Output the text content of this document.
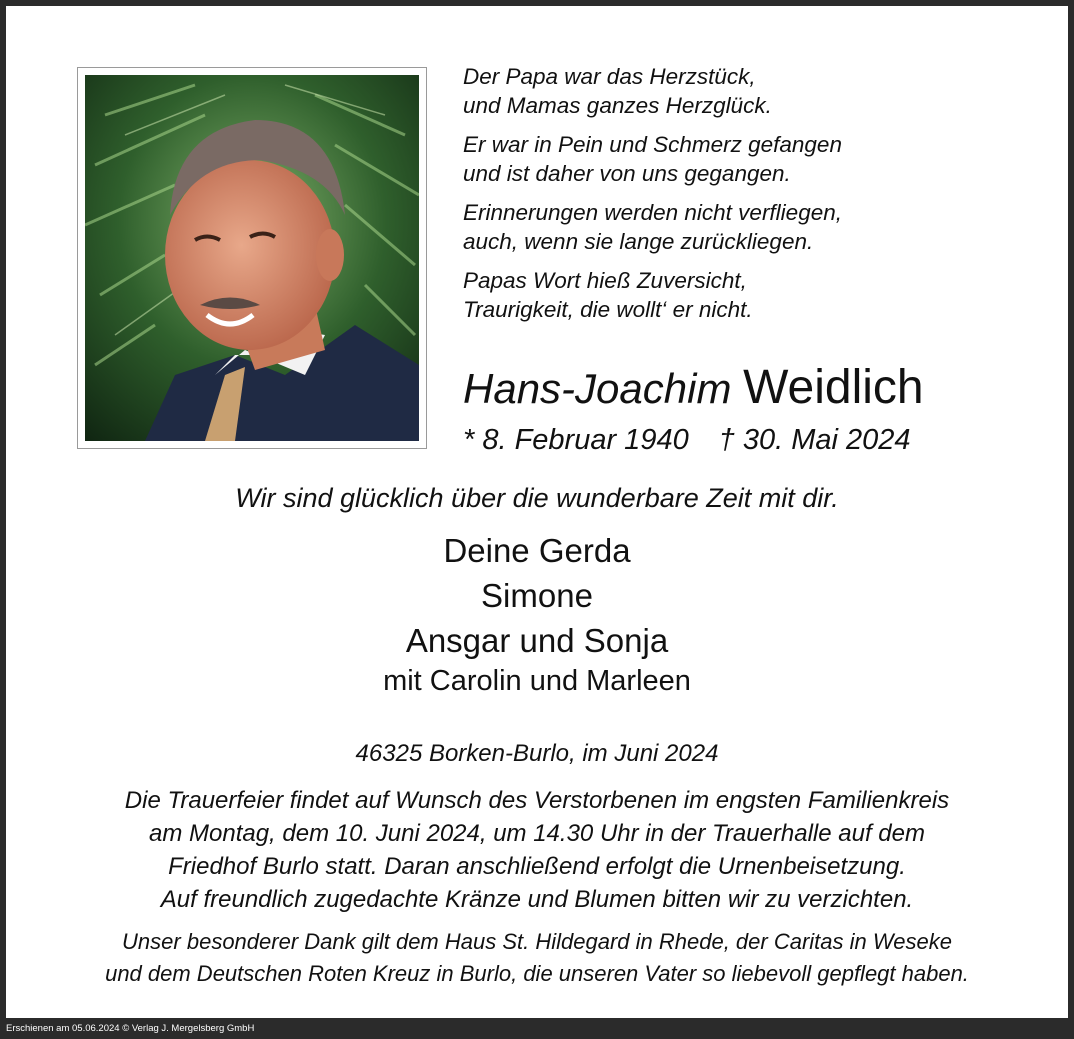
Der Papa war das Herzstück,
und Mamas ganzes Herzglück.
Er war in Pein und Schmerz gefangen
und ist daher von uns gegangen.
Erinnerungen werden nicht verfliegen,
auch, wenn sie lange zurückliegen.
Papas Wort hieß Zuversicht,
Traurigkeit, die wollt‘ er nicht.
Hans-Joachim Weidlich
* 8. Februar 1940 † 30. Mai 2024
Wir sind glücklich über die wunderbare Zeit mit dir.
Deine Gerda
Simone
Ansgar und Sonja
mit Carolin und Marleen
46325 Borken-Burlo, im Juni 2024
Die Trauerfeier findet auf Wunsch des Verstorbenen im engsten Familienkreis
am Montag, dem 10. Juni 2024, um 14.30 Uhr in der Trauerhalle auf dem
Friedhof Burlo statt. Daran anschließend erfolgt die Urnenbeisetzung.
Auf freundlich zugedachte Kränze und Blumen bitten wir zu verzichten.
Unser besonderer Dank gilt dem Haus St. Hildegard in Rhede, der Caritas in Weseke
und dem Deutschen Roten Kreuz in Burlo, die unseren Vater so liebevoll gepflegt haben.
Erschienen am 05.06.2024 © Verlag J. Mergelsberg GmbH
